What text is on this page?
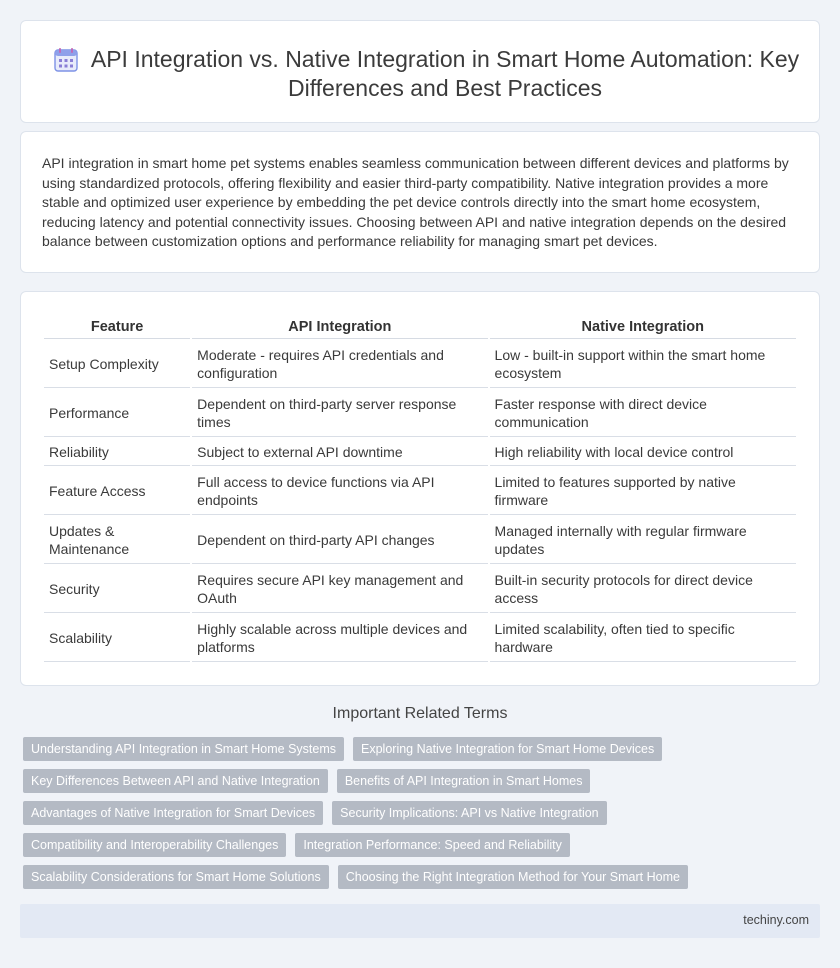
API Integration vs. Native Integration in Smart Home Automation: Key Differences and Best Practices

API integration in smart home pet systems enables seamless communication between different devices and platforms by using standardized protocols, offering flexibility and easier third-party compatibility. Native integration provides a more stable and optimized user experience by embedding the pet device controls directly into the smart home ecosystem, reducing latency and potential connectivity issues. Choosing between API and native integration depends on the desired balance between customization options and performance reliability for managing smart pet devices.

Feature	API Integration	Native Integration
Setup Complexity	Moderate - requires API credentials and configuration	Low - built-in support within the smart home ecosystem
Performance	Dependent on third-party server response times	Faster response with direct device communication
Reliability	Subject to external API downtime	High reliability with local device control
Feature Access	Full access to device functions via API endpoints	Limited to features supported by native firmware
Updates & Maintenance	Dependent on third-party API changes	Managed internally with regular firmware updates
Security	Requires secure API key management and OAuth	Built-in security protocols for direct device access
Scalability	Highly scalable across multiple devices and platforms	Limited scalability, often tied to specific hardware
Important Related Terms
Understanding API Integration in Smart Home Systems	Exploring Native Integration for Smart Home Devices
Key Differences Between API and Native Integration	Benefits of API Integration in Smart Homes
Advantages of Native Integration for Smart Devices	Security Implications: API vs Native Integration
Compatibility and Interoperability Challenges	Integration Performance: Speed and Reliability
Scalability Considerations for Smart Home Solutions	Choosing the Right Integration Method for Your Smart Home
techiny.com
